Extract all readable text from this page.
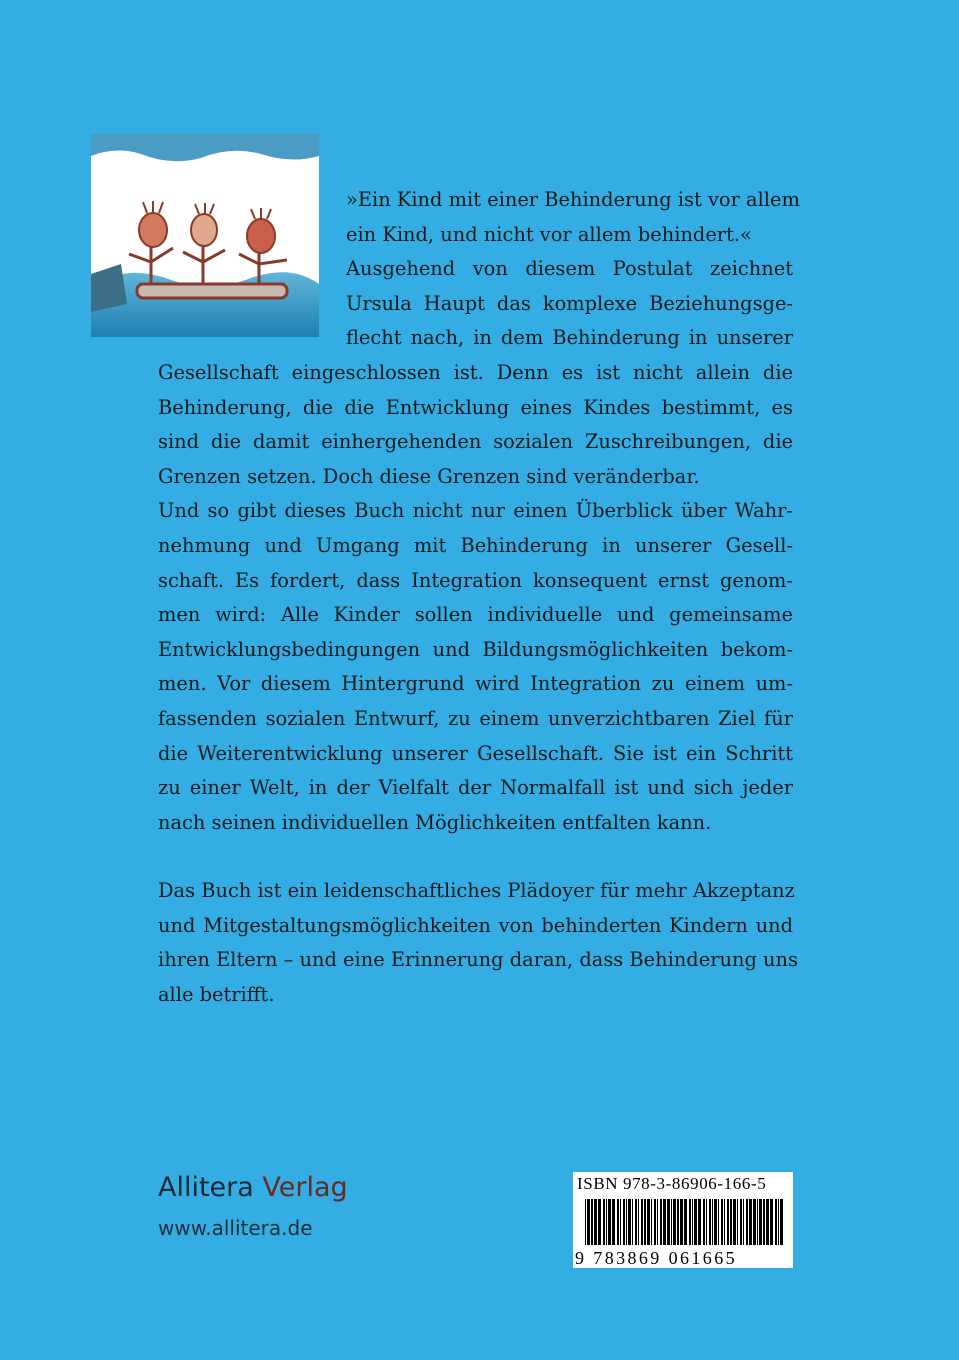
»Ein Kind mit einer Behinderung ist vor allem
ein Kind, und nicht vor allem behindert.«
Ausgehend von diesem Postulat zeichnet
Ursula Haupt das komplexe Beziehungsge-
flecht nach, in dem Behinderung in unserer
Gesellschaft eingeschlossen ist. Denn es ist nicht allein die
Behinderung, die die Entwicklung eines Kindes bestimmt, es
sind die damit einhergehenden sozialen Zuschreibungen, die
Grenzen setzen. Doch diese Grenzen sind veränderbar.
Und so gibt dieses Buch nicht nur einen Überblick über Wahr-
nehmung und Umgang mit Behinderung in unserer Gesell-
schaft. Es fordert, dass Integration konsequent ernst genom-
men wird: Alle Kinder sollen individuelle und gemeinsame
Entwicklungsbedingungen und Bildungsmöglichkeiten bekom-
men. Vor diesem Hintergrund wird Integration zu einem um-
fassenden sozialen Entwurf, zu einem unverzichtbaren Ziel für
die Weiterentwicklung unserer Gesellschaft. Sie ist ein Schritt
zu einer Welt, in der Vielfalt der Normalfall ist und sich jeder
nach seinen individuellen Möglichkeiten entfalten kann.
Das Buch ist ein leidenschaftliches Plädoyer für mehr Akzeptanz
und Mitgestaltungsmöglichkeiten von behinderten Kindern und
ihren Eltern – und eine Erinnerung daran, dass Behinderung uns
alle betrifft.
Allitera Verlag
www.allitera.de
ISBN 978-3-86906-166-5
9 783869 061665
